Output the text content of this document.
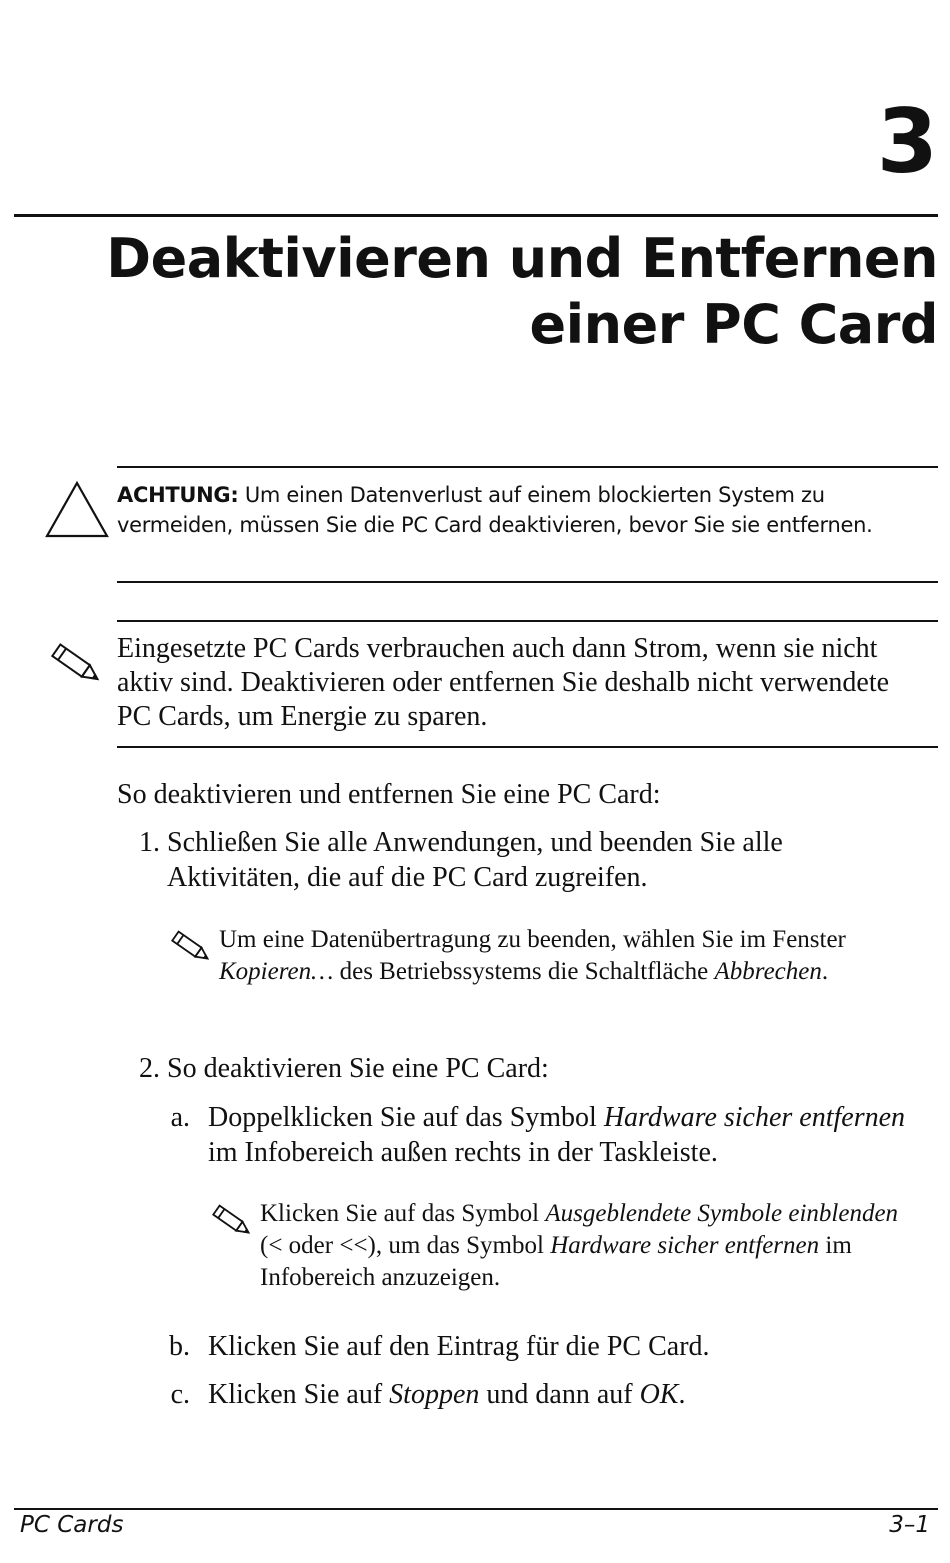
3
Deaktivieren und Entfernen
einer PC Card
ACHTUNG: Um einen Datenverlust auf einem blockierten System zu vermeiden, müssen Sie die PC Card deaktivieren, bevor Sie sie entfernen.
Eingesetzte PC Cards verbrauchen auch dann Strom, wenn sie nicht aktiv sind. Deaktivieren oder entfernen Sie deshalb nicht verwendete PC Cards, um Energie zu sparen.
So deaktivieren und entfernen Sie eine PC Card:
1. Schließen Sie alle Anwendungen, und beenden Sie alle Aktivitäten, die auf die PC Card zugreifen.
Um eine Datenübertragung zu beenden, wählen Sie im Fenster Kopieren… des Betriebssystems die Schaltfläche Abbrechen.
2. So deaktivieren Sie eine PC Card:
a. Doppelklicken Sie auf das Symbol Hardware sicher entfernen im Infobereich außen rechts in der Taskleiste.
Klicken Sie auf das Symbol Ausgeblendete Symbole einblenden (< oder <<), um das Symbol Hardware sicher entfernen im Infobereich anzuzeigen.
b. Klicken Sie auf den Eintrag für die PC Card.
c. Klicken Sie auf Stoppen und dann auf OK.
PC Cards	3–1
